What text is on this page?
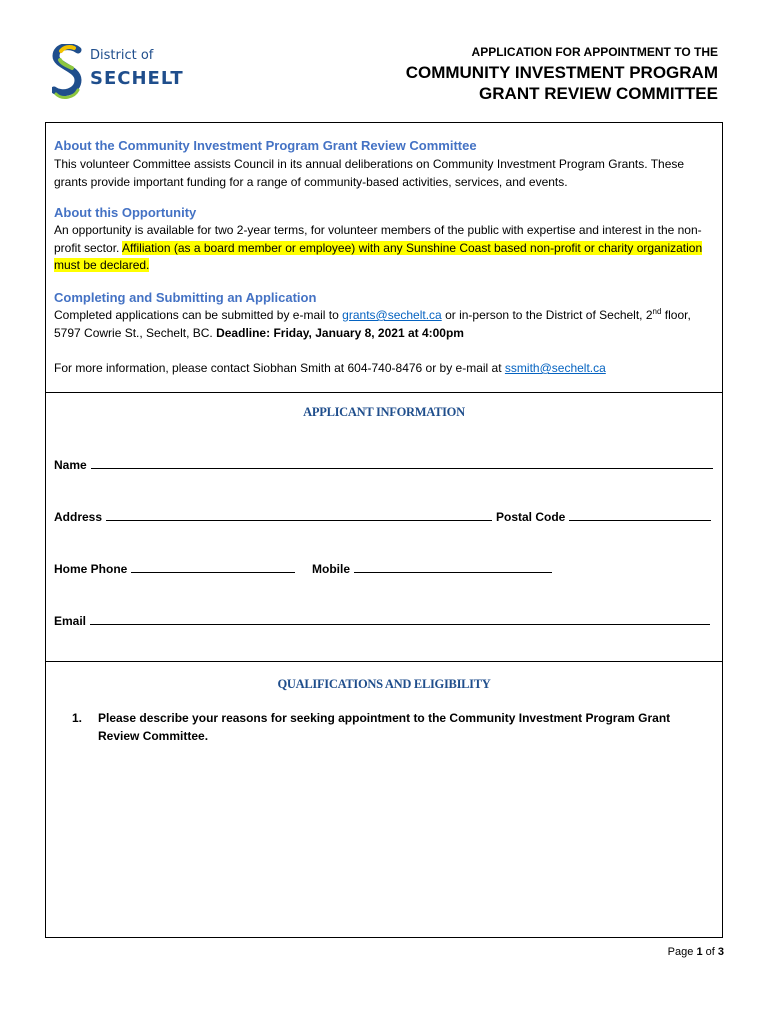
District of
SECHELT
APPLICATION FOR APPOINTMENT TO THE
COMMUNITY INVESTMENT PROGRAM
GRANT REVIEW COMMITTEE
About the Community Investment Program Grant Review Committee
This volunteer Committee assists Council in its annual deliberations on Community Investment Program Grants. These grants provide important funding for a range of community-based activities, services, and events.
About this Opportunity
An opportunity is available for two 2-year terms, for volunteer members of the public with expertise and interest in the non-profit sector. Affiliation (as a board member or employee) with any Sunshine Coast based non-profit or charity organization must be declared.
Completing and Submitting an Application
Completed applications can be submitted by e-mail to grants@sechelt.ca or in-person to the District of Sechelt, 2nd floor, 5797 Cowrie St., Sechelt, BC. Deadline: Friday, January 8, 2021 at 4:00pm
For more information, please contact Siobhan Smith at 604-740-8476 or by e-mail at ssmith@sechelt.ca
APPLICANT INFORMATION
Name
Address	Postal Code
Home Phone	Mobile
Email
QUALIFICATIONS AND ELIGIBILITY
1. Please describe your reasons for seeking appointment to the Community Investment Program Grant Review Committee.
Page 1 of 3
